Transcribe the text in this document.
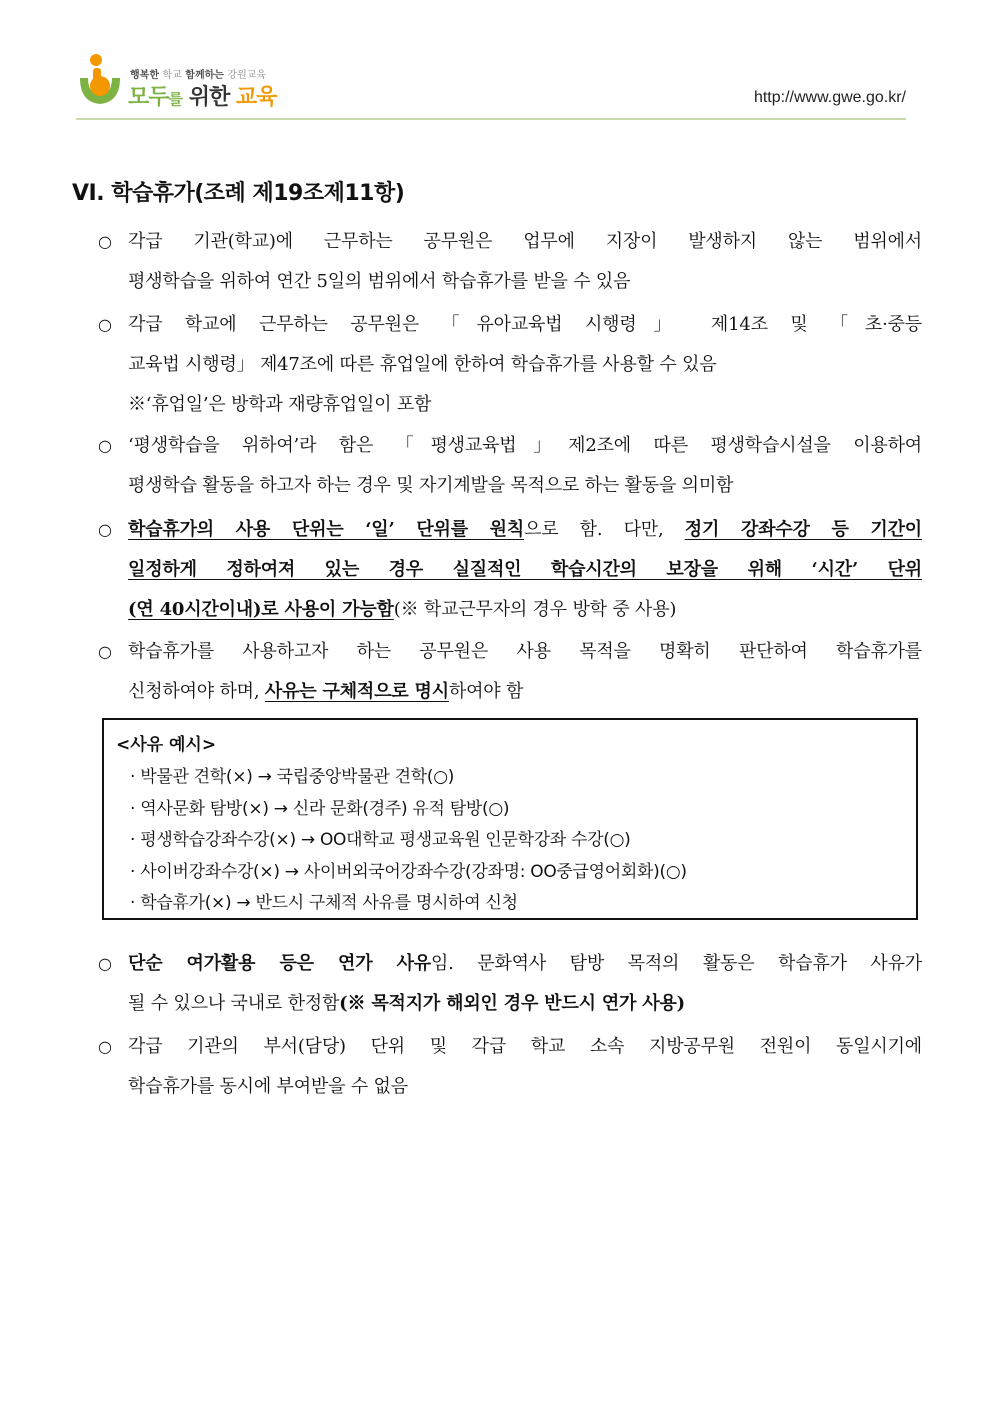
행복한 학교 함께하는 강원교육
모두를 위한 교육	http://www.gwe.go.kr/
VI. 학습휴가(조례 제19조제11항)
○ 각급 기관(학교)에 근무하는 공무원은 업무에 지장이 발생하지 않는 범위에서
평생학습을 위하여 연간 5일의 범위에서 학습휴가를 받을 수 있음
○ 각급 학교에 근무하는 공무원은 「유아교육법 시행령」 제14조 및 「초·중등
교육법 시행령」 제47조에 따른 휴업일에 한하여 학습휴가를 사용할 수 있음
※‘휴업일’은 방학과 재량휴업일이 포함
○ ‘평생학습을 위하여’라 함은 「평생교육법」제2조에 따른 평생학습시설을 이용하여
평생학습 활동을 하고자 하는 경우 및 자기계발을 목적으로 하는 활동을 의미함
○ 학습휴가의 사용 단위는 ‘일’ 단위를 원칙으로 함. 다만, 정기 강좌수강 등 기간이
일정하게 정하여져 있는 경우 실질적인 학습시간의 보장을 위해 ‘시간’ 단위
(연 40시간이내)로 사용이 가능함(※ 학교근무자의 경우 방학 중 사용)
○ 학습휴가를 사용하고자 하는 공무원은 사용 목적을 명확히 판단하여 학습휴가를
신청하여야 하며, 사유는 구체적으로 명시하여야 함
<사유 예시>
· 박물관 견학(×) → 국립중앙박물관 견학(○)
· 역사문화 탐방(×) → 신라 문화(경주) 유적 탐방(○)
· 평생학습강좌수강(×) → OO대학교 평생교육원 인문학강좌 수강(○)
· 사이버강좌수강(×) → 사이버외국어강좌수강(강좌명: OO중급영어회화)(○)
· 학습휴가(×) → 반드시 구체적 사유를 명시하여 신청
○ 단순 여가활용 등은 연가 사유임. 문화역사 탐방 목적의 활동은 학습휴가 사유가
될 수 있으나 국내로 한정함(※ 목적지가 해외인 경우 반드시 연가 사용)
○ 각급 기관의 부서(담당) 단위 및 각급 학교 소속 지방공무원 전원이 동일시기에
학습휴가를 동시에 부여받을 수 없음
